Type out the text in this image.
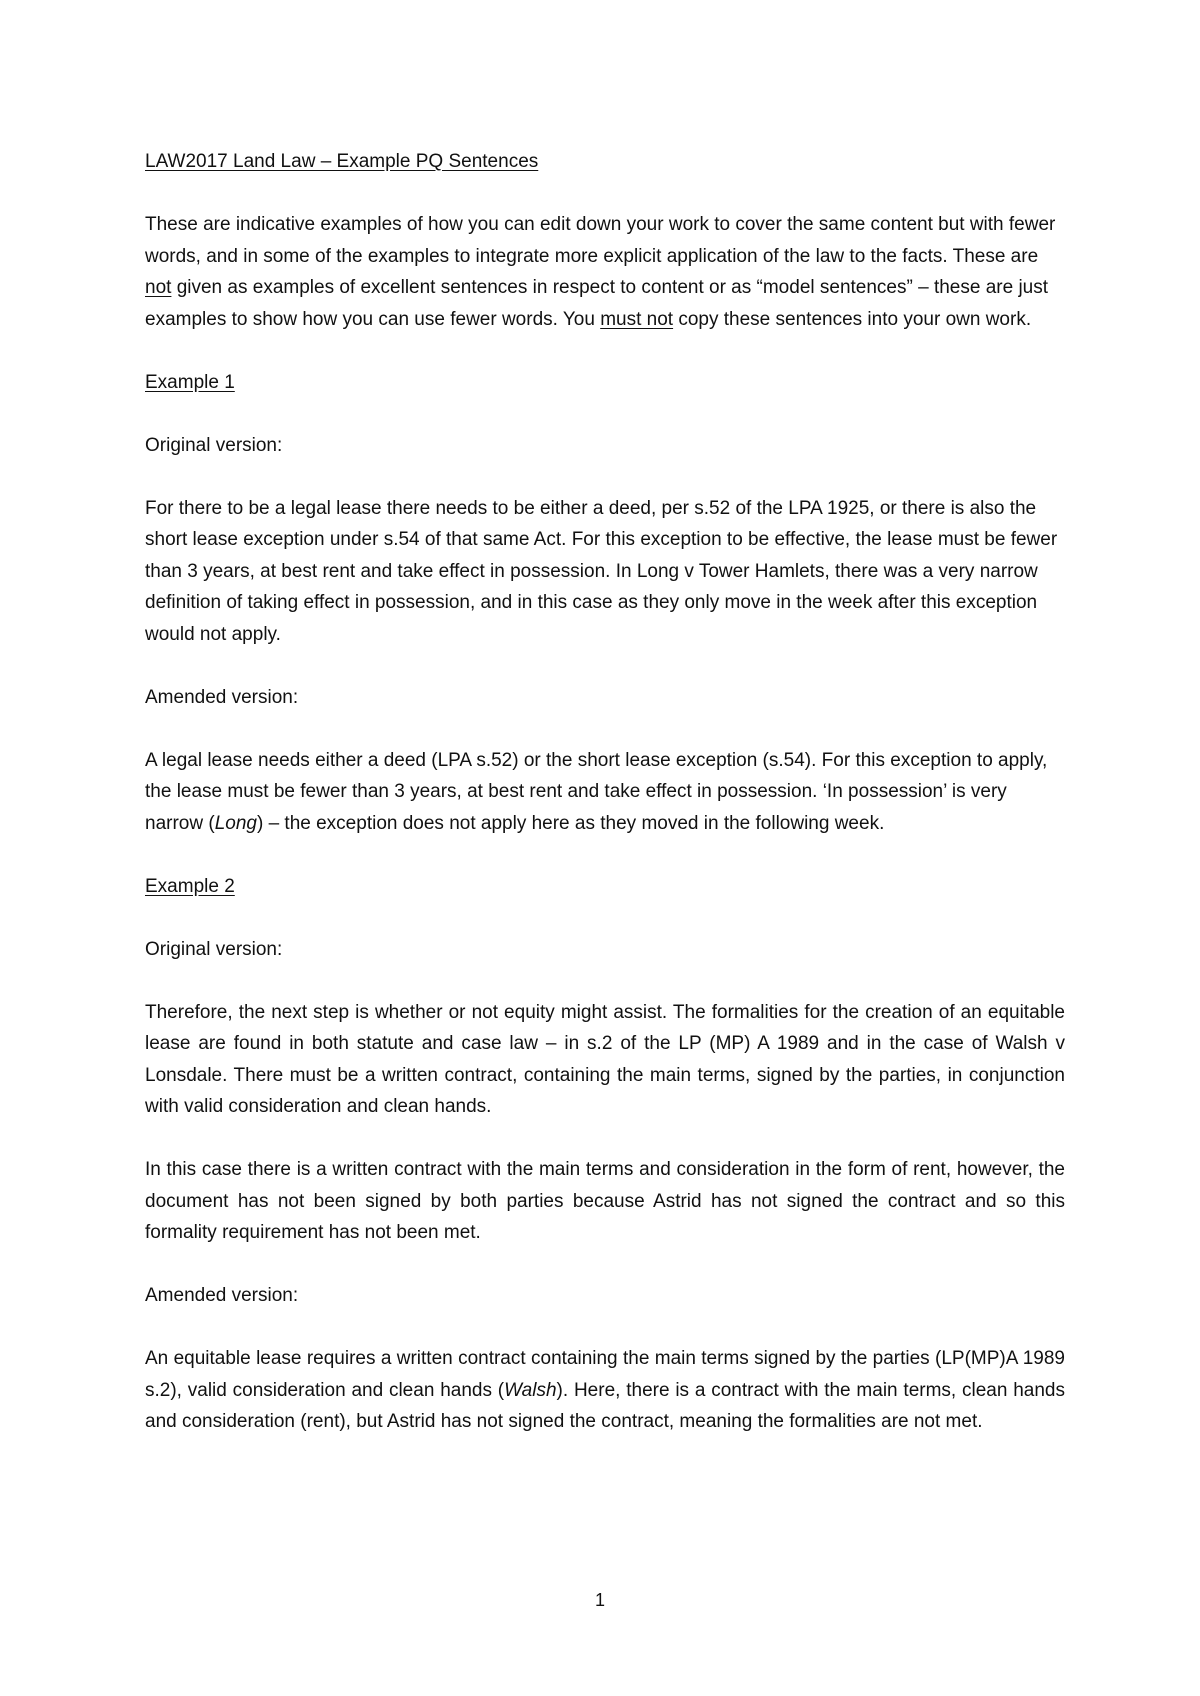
LAW2017 Land Law – Example PQ Sentences

These are indicative examples of how you can edit down your work to cover the same content but with fewer words, and in some of the examples to integrate more explicit application of the law to the facts. These are not given as examples of excellent sentences in respect to content or as “model sentences” – these are just examples to show how you can use fewer words. You must not copy these sentences into your own work.

Example 1

Original version:

For there to be a legal lease there needs to be either a deed, per s.52 of the LPA 1925, or there is also the short lease exception under s.54 of that same Act. For this exception to be effective, the lease must be fewer than 3 years, at best rent and take effect in possession. In Long v Tower Hamlets, there was a very narrow definition of taking effect in possession, and in this case as they only move in the week after this exception would not apply.

Amended version:

A legal lease needs either a deed (LPA s.52) or the short lease exception (s.54). For this exception to apply, the lease must be fewer than 3 years, at best rent and take effect in possession. ‘In possession’ is very narrow (Long) – the exception does not apply here as they moved in the following week.

Example 2

Original version:

Therefore, the next step is whether or not equity might assist. The formalities for the creation of an equitable lease are found in both statute and case law – in s.2 of the LP (MP) A 1989 and in the case of Walsh v Lonsdale. There must be a written contract, containing the main terms, signed by the parties, in conjunction with valid consideration and clean hands.

In this case there is a written contract with the main terms and consideration in the form of rent, however, the document has not been signed by both parties because Astrid has not signed the contract and so this formality requirement has not been met.

Amended version:

An equitable lease requires a written contract containing the main terms signed by the parties (LP(MP)A 1989 s.2), valid consideration and clean hands (Walsh). Here, there is a contract with the main terms, clean hands and consideration (rent), but Astrid has not signed the contract, meaning the formalities are not met.

1
